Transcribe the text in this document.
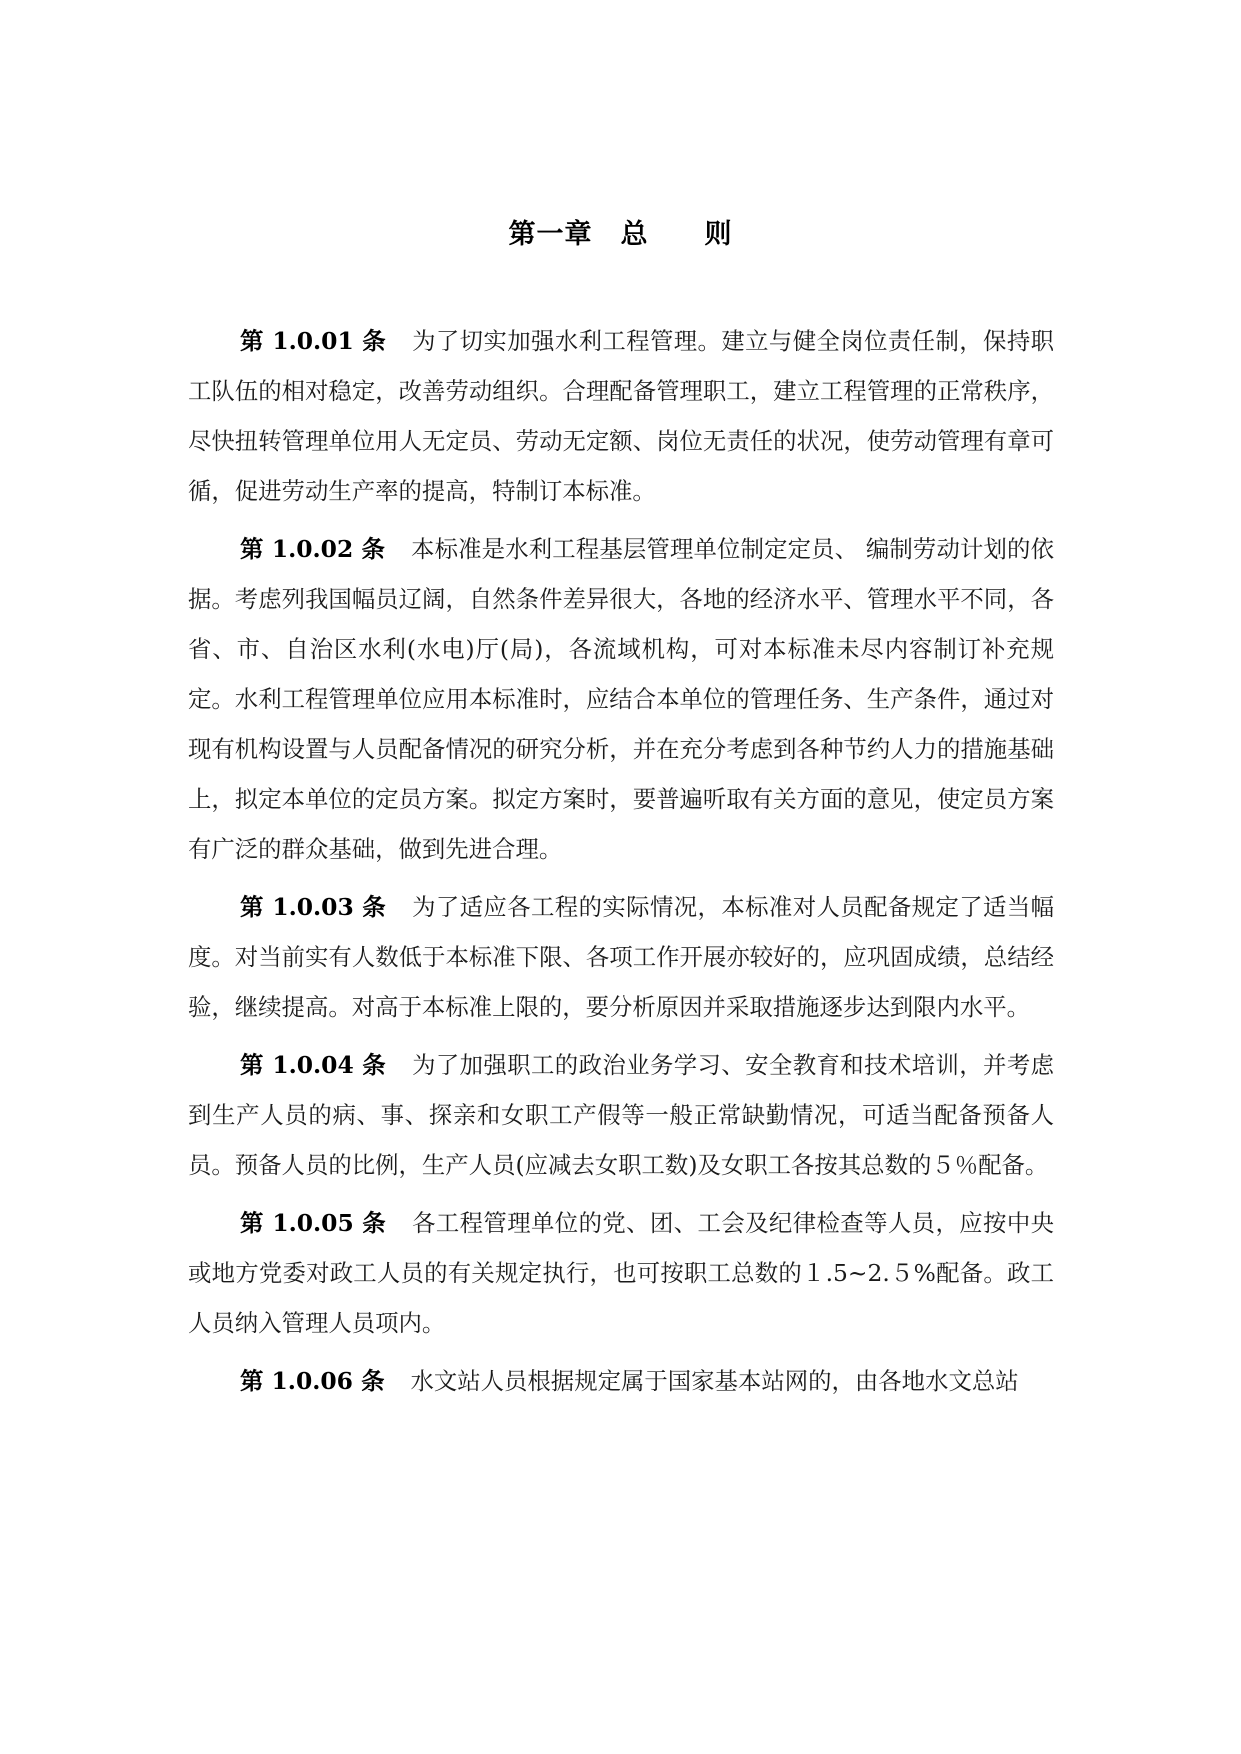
第一章　总　　则

第 1.0.01 条 为了切实加强水利工程管理。建立与健全岗位责任制，保持职工队伍的相对稳定，改善劳动组织。合理配备管理职工，建立工程管理的正常秩序，尽快扭转管理单位用人无定员、劳动无定额、岗位无责任的状况，使劳动管理有章可循，促进劳动生产率的提高，特制订本标准。

第 1.0.02 条 本标准是水利工程基层管理单位制定定员、 编制劳动计划的依据。考虑列我国幅员辽阔，自然条件差异很大，各地的经济水平、管理水平不同，各省、市、自治区水利(水电)厅(局)，各流域机构，可对本标准未尽内容制订补充规定。水利工程管理单位应用本标准时，应结合本单位的管理任务、生产条件，通过对现有机构设置与人员配备情况的研究分析，并在充分考虑到各种节约人力的措施基础上，拟定本单位的定员方案。拟定方案时，要普遍听取有关方面的意见，使定员方案有广泛的群众基础，做到先进合理。

第 1.0.03 条 为了适应各工程的实际情况，本标准对人员配备规定了适当幅度。对当前实有人数低于本标准下限、各项工作开展亦较好的，应巩固成绩，总结经验，继续提高。对高于本标准上限的，要分析原因并采取措施逐步达到限内水平。

第 1.0.04 条 为了加强职工的政治业务学习、安全教育和技术培训，并考虑到生产人员的病、事、探亲和女职工产假等一般正常缺勤情况，可适当配备预备人员。预备人员的比例，生产人员(应减去女职工数)及女职工各按其总数的５％配备。

第 1.0.05 条 各工程管理单位的党、团、工会及纪律检查等人员，应按中央或地方党委对政工人员的有关规定执行，也可按职工总数的１.5~2.５%配备。政工人员纳入管理人员项内。

第 1.0.06 条 水文站人员根据规定属于国家基本站网的，由各地水文总站
